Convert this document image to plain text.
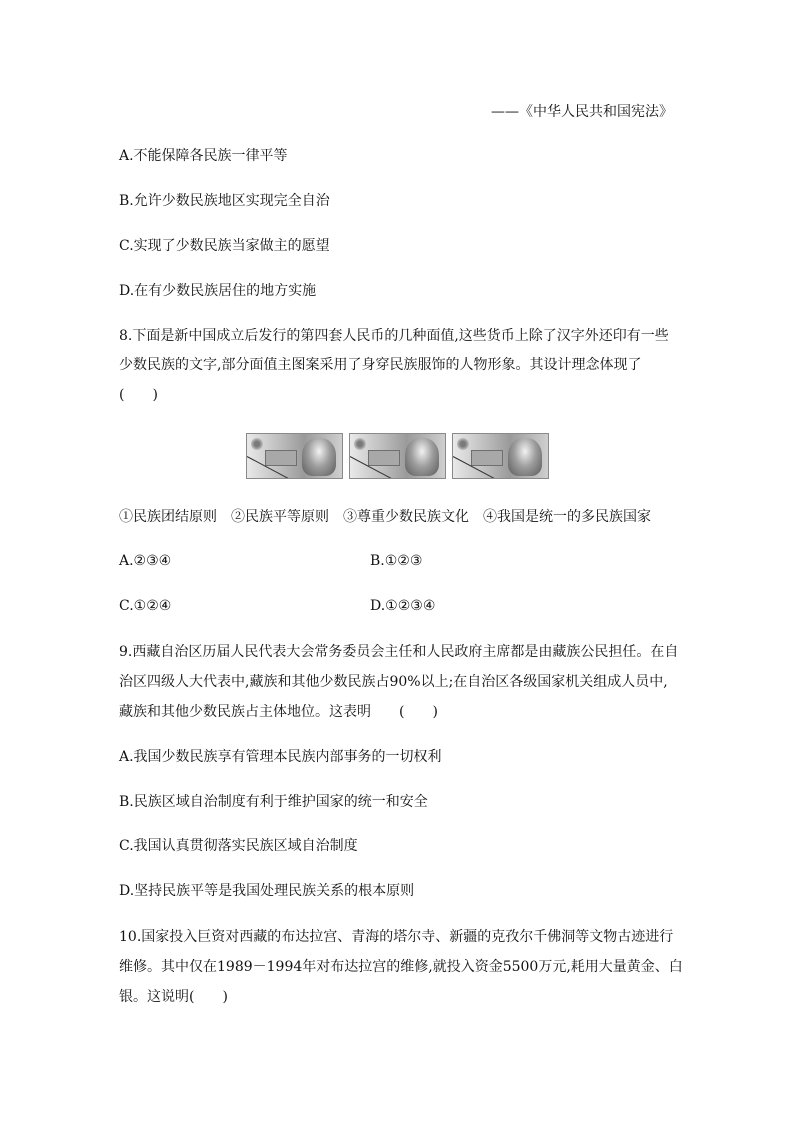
——《中华人民共和国宪法》
A.不能保障各民族一律平等
B.允许少数民族地区实现完全自治
C.实现了少数民族当家做主的愿望
D.在有少数民族居住的地方实施
8.下面是新中国成立后发行的第四套人民币的几种面值,这些货币上除了汉字外还印有一些
少数民族的文字,部分面值主图案采用了身穿民族服饰的人物形象。其设计理念体现了
(　　)
①民族团结原则　②民族平等原则　③尊重少数民族文化　④我国是统一的多民族国家
A.②③④	B.①②③
C.①②④	D.①②③④
9.西藏自治区历届人民代表大会常务委员会主任和人民政府主席都是由藏族公民担任。在自
治区四级人大代表中,藏族和其他少数民族占90%以上;在自治区各级国家机关组成人员中,
藏族和其他少数民族占主体地位。这表明　　(　　)
A.我国少数民族享有管理本民族内部事务的一切权利
B.民族区域自治制度有利于维护国家的统一和安全
C.我国认真贯彻落实民族区域自治制度
D.坚持民族平等是我国处理民族关系的根本原则
10.国家投入巨资对西藏的布达拉宫、青海的塔尔寺、新疆的克孜尔千佛洞等文物古迹进行
维修。其中仅在1989－1994年对布达拉宫的维修,就投入资金5500万元,耗用大量黄金、白
银。这说明(　　)
